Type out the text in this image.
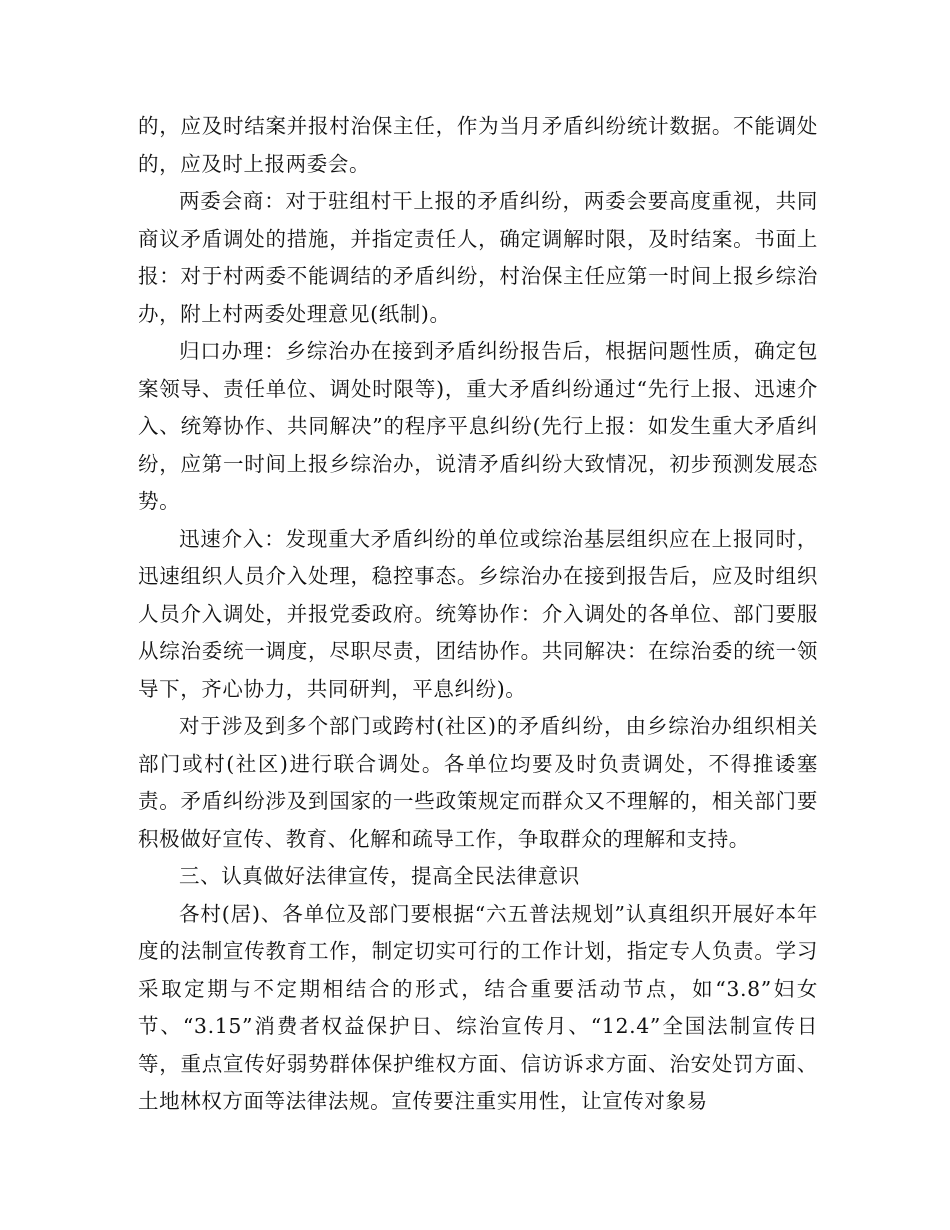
的，应及时结案并报村治保主任，作为当月矛盾纠纷统计数据。不能调处的，应及时上报两委会。

两委会商：对于驻组村干上报的矛盾纠纷，两委会要高度重视，共同商议矛盾调处的措施，并指定责任人，确定调解时限，及时结案。书面上报：对于村两委不能调结的矛盾纠纷，村治保主任应第一时间上报乡综治办，附上村两委处理意见(纸制)。

归口办理：乡综治办在接到矛盾纠纷报告后，根据问题性质，确定包案领导、责任单位、调处时限等)，重大矛盾纠纷通过“先行上报、迅速介入、统筹协作、共同解决”的程序平息纠纷(先行上报：如发生重大矛盾纠纷，应第一时间上报乡综治办，说清矛盾纠纷大致情况，初步预测发展态势。

迅速介入：发现重大矛盾纠纷的单位或综治基层组织应在上报同时，迅速组织人员介入处理，稳控事态。乡综治办在接到报告后，应及时组织人员介入调处，并报党委政府。统筹协作：介入调处的各单位、部门要服从综治委统一调度，尽职尽责，团结协作。共同解决：在综治委的统一领导下，齐心协力，共同研判，平息纠纷)。

对于涉及到多个部门或跨村(社区)的矛盾纠纷，由乡综治办组织相关部门或村(社区)进行联合调处。各单位均要及时负责调处，不得推诿塞责。矛盾纠纷涉及到国家的一些政策规定而群众又不理解的，相关部门要积极做好宣传、教育、化解和疏导工作，争取群众的理解和支持。

三、认真做好法律宣传，提高全民法律意识

各村(居)、各单位及部门要根据“六五普法规划”认真组织开展好本年度的法制宣传教育工作，制定切实可行的工作计划，指定专人负责。学习采取定期与不定期相结合的形式，结合重要活动节点，如“3.8”妇女节、“3.15”消费者权益保护日、综治宣传月、“12.4”全国法制宣传日等，重点宣传好弱势群体保护维权方面、信访诉求方面、治安处罚方面、土地林权方面等法律法规。宣传要注重实用性，让宣传对象易
